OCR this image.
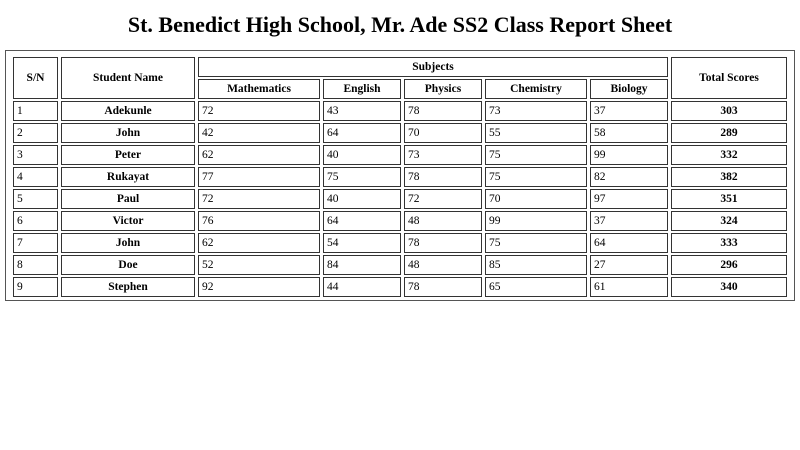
St. Benedict High School, Mr. Ade SS2 Class Report Sheet
S/N	Student Name	Subjects					Total Scores
		Mathematics	English	Physics	Chemistry	Biology	
1	Adekunle	72	43	78	73	37	303
2	John	42	64	70	55	58	289
3	Peter	62	40	73	75	99	332
4	Rukayat	77	75	78	75	82	382
5	Paul	72	40	72	70	97	351
6	Victor	76	64	48	99	37	324
7	John	62	54	78	75	64	333
8	Doe	52	84	48	85	27	296
9	Stephen	92	44	78	65	61	340
